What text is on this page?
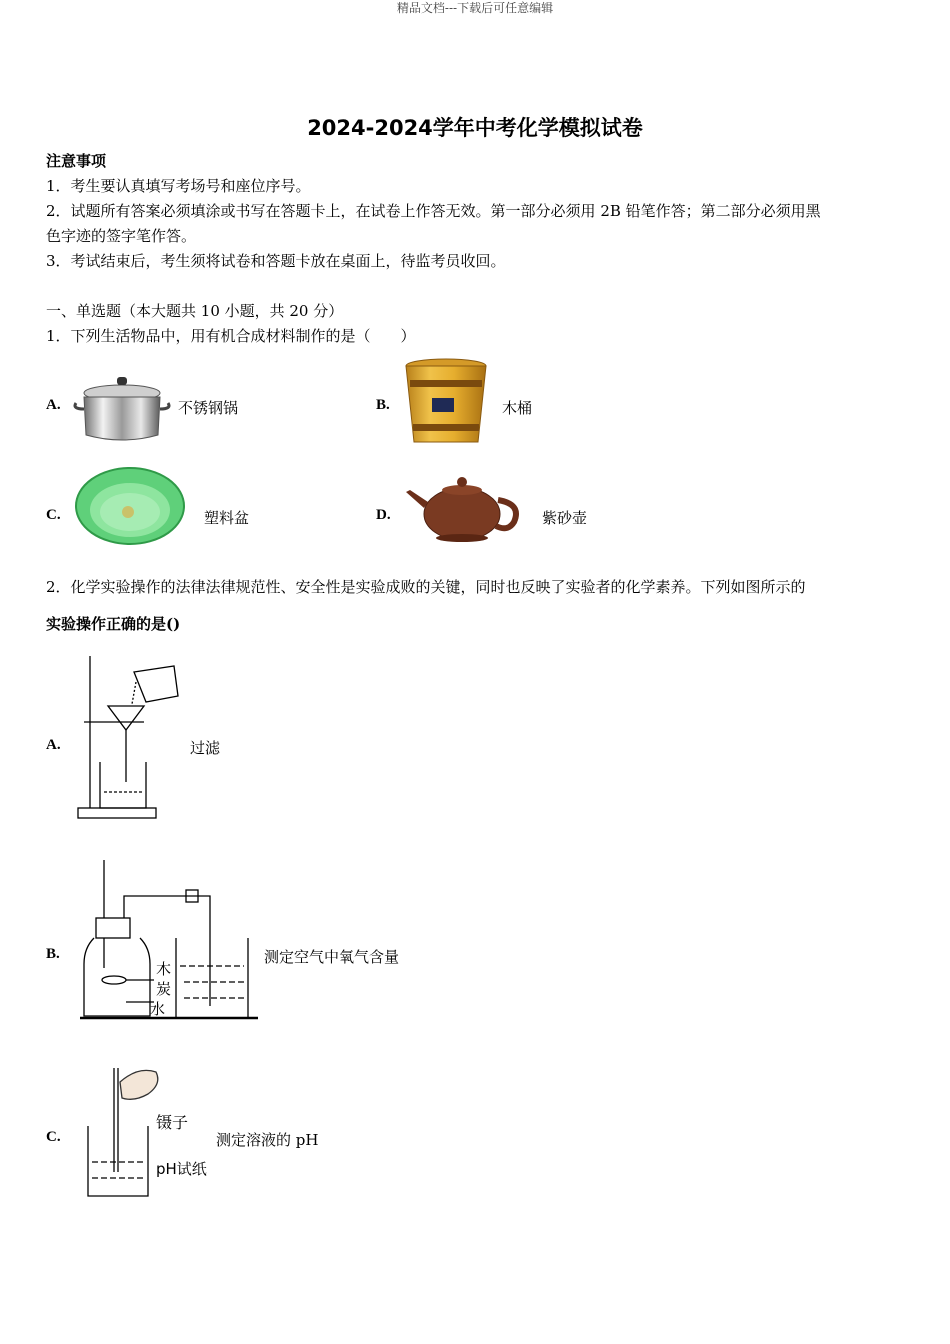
精品文档---下载后可任意编辑
2024-2024学年中考化学模拟试卷
注意事项
1．考生要认真填写考场号和座位序号。
2．试题所有答案必须填涂或书写在答题卡上，在试卷上作答无效。第一部分必须用 2B 铅笔作答；第二部分必须用黑
色字迹的签字笔作答。
3．考试结束后，考生须将试卷和答题卡放在桌面上，待监考员收回。
一、单选题（本大题共 10 小题，共 20 分）
1．下列生活物品中，用有机合成材料制作的是（　　）
A.	不锈钢锅	B.	木桶
C.	塑料盆	D.	紫砂壶
2．化学实验操作的法律法律规范性、安全性是实验成败的关键，同时也反映了实验者的化学素养。下列如图所示的
实验操作正确的是()
A.	过滤
B.
木
炭
水
测定空气中氧气含量
C.
镊子
pH试纸
测定溶液的 pH
